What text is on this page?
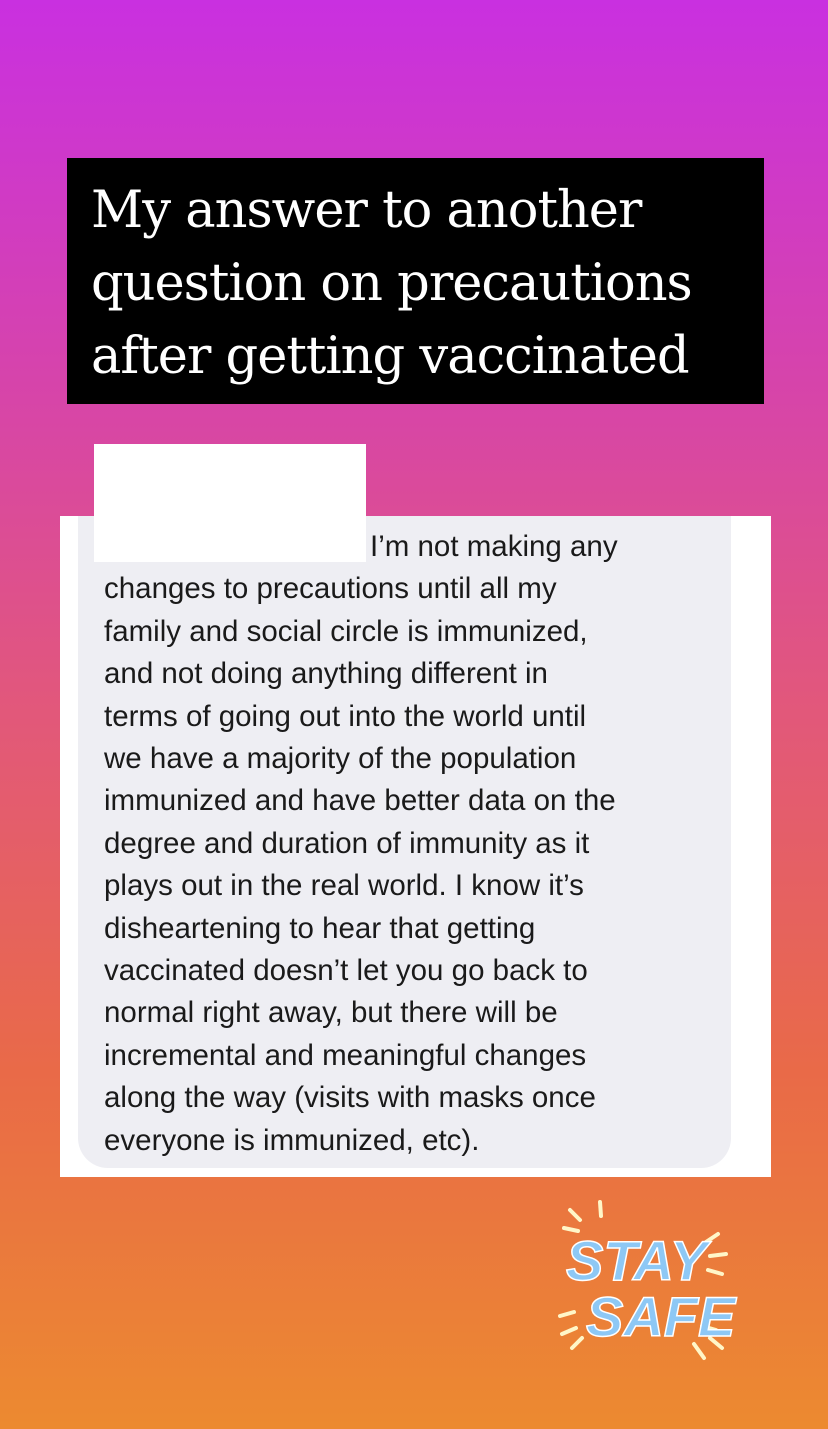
My answer to another
question on precautions
after getting vaccinated
I’m not making any
changes to precautions until all my
family and social circle is immunized,
and not doing anything different in
terms of going out into the world until
we have a majority of the population
immunized and have better data on the
degree and duration of immunity as it
plays out in the real world. I know it’s
disheartening to hear that getting
vaccinated doesn’t let you go back to
normal right away, but there will be
incremental and meaningful changes
along the way (visits with masks once
everyone is immunized, etc).
STAY
SAFE
